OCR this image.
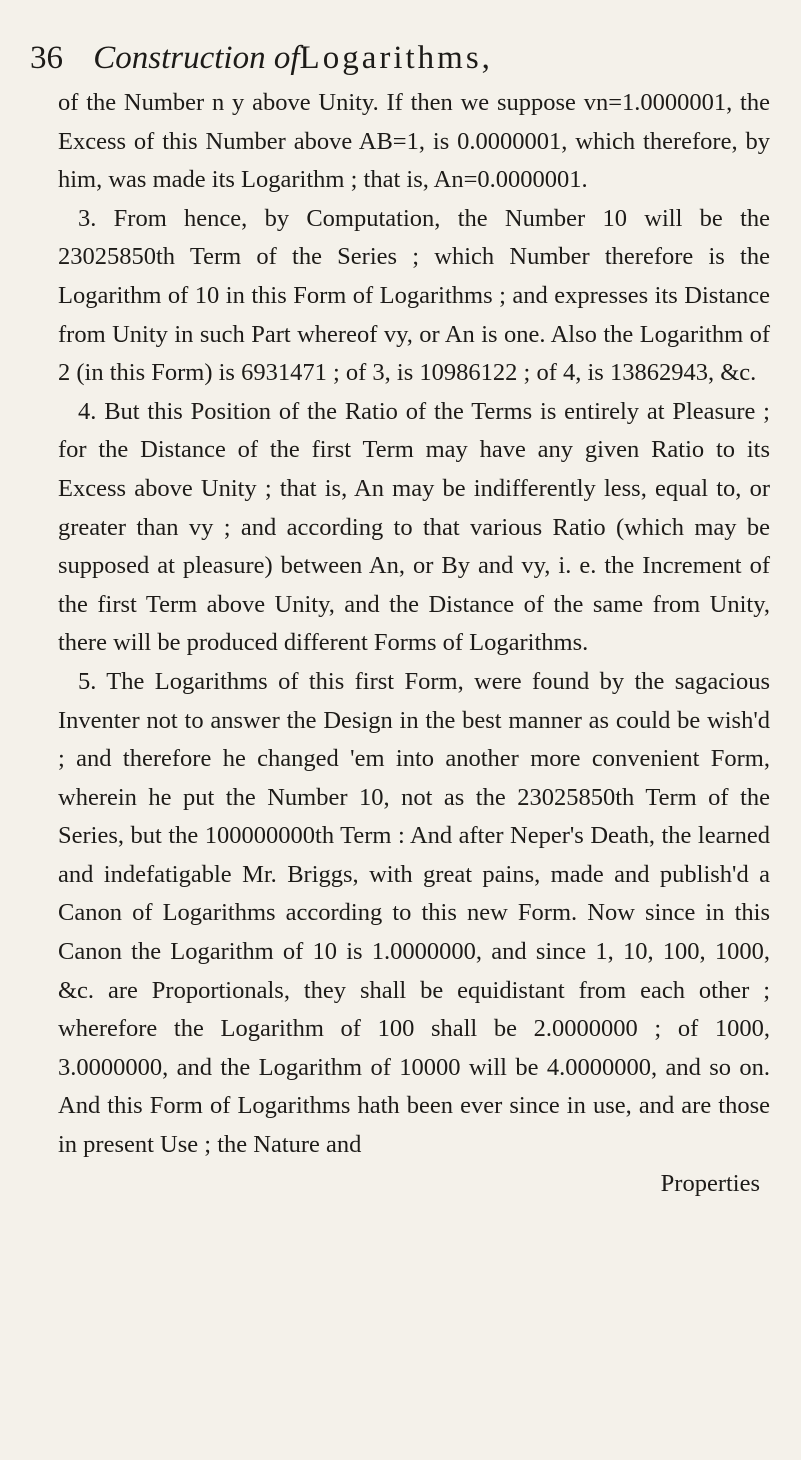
36 Construction ofLogarithms,

of the Number n y above Unity. If then we suppose vn=1.0000001, the Excess of this Number above AB=1, is 0.0000001, which therefore, by him, was made its Logarithm ; that is, An=0.0000001.

3. From hence, by Computation, the Number 10 will be the 23025850th Term of the Series ; which Number therefore is the Logarithm of 10 in this Form of Logarithms ; and expresses its Distance from Unity in such Part whereof vy, or An is one. Also the Logarithm of 2 (in this Form) is 6931471 ; of 3, is 10986122 ; of 4, is 13862943, &c.

4. But this Position of the Ratio of the Terms is entirely at Pleasure ; for the Distance of the first Term may have any given Ratio to its Excess above Unity ; that is, An may be indifferently less, equal to, or greater than vy ; and according to that various Ratio (which may be supposed at pleasure) between An, or By and vy, i. e. the Increment of the first Term above Unity, and the Distance of the same from Unity, there will be produced different Forms of Logarithms.

5. The Logarithms of this first Form, were found by the sagacious Inventer not to answer the Design in the best manner as could be wish'd ; and therefore he changed 'em into another more convenient Form, wherein he put the Number 10, not as the 23025850th Term of the Series, but the 100000000th Term : And after Neper's Death, the learned and indefatigable Mr. Briggs, with great pains, made and publish'd a Canon of Logarithms according to this new Form. Now since in this Canon the Logarithm of 10 is 1.0000000, and since 1, 10, 100, 1000, &c. are Proportionals, they shall be equidistant from each other ; wherefore the Logarithm of 100 shall be 2.0000000 ; of 1000, 3.0000000, and the Logarithm of 10000 will be 4.0000000, and so on. And this Form of Logarithms hath been ever since in use, and are those in present Use ; the Nature and

Properties
